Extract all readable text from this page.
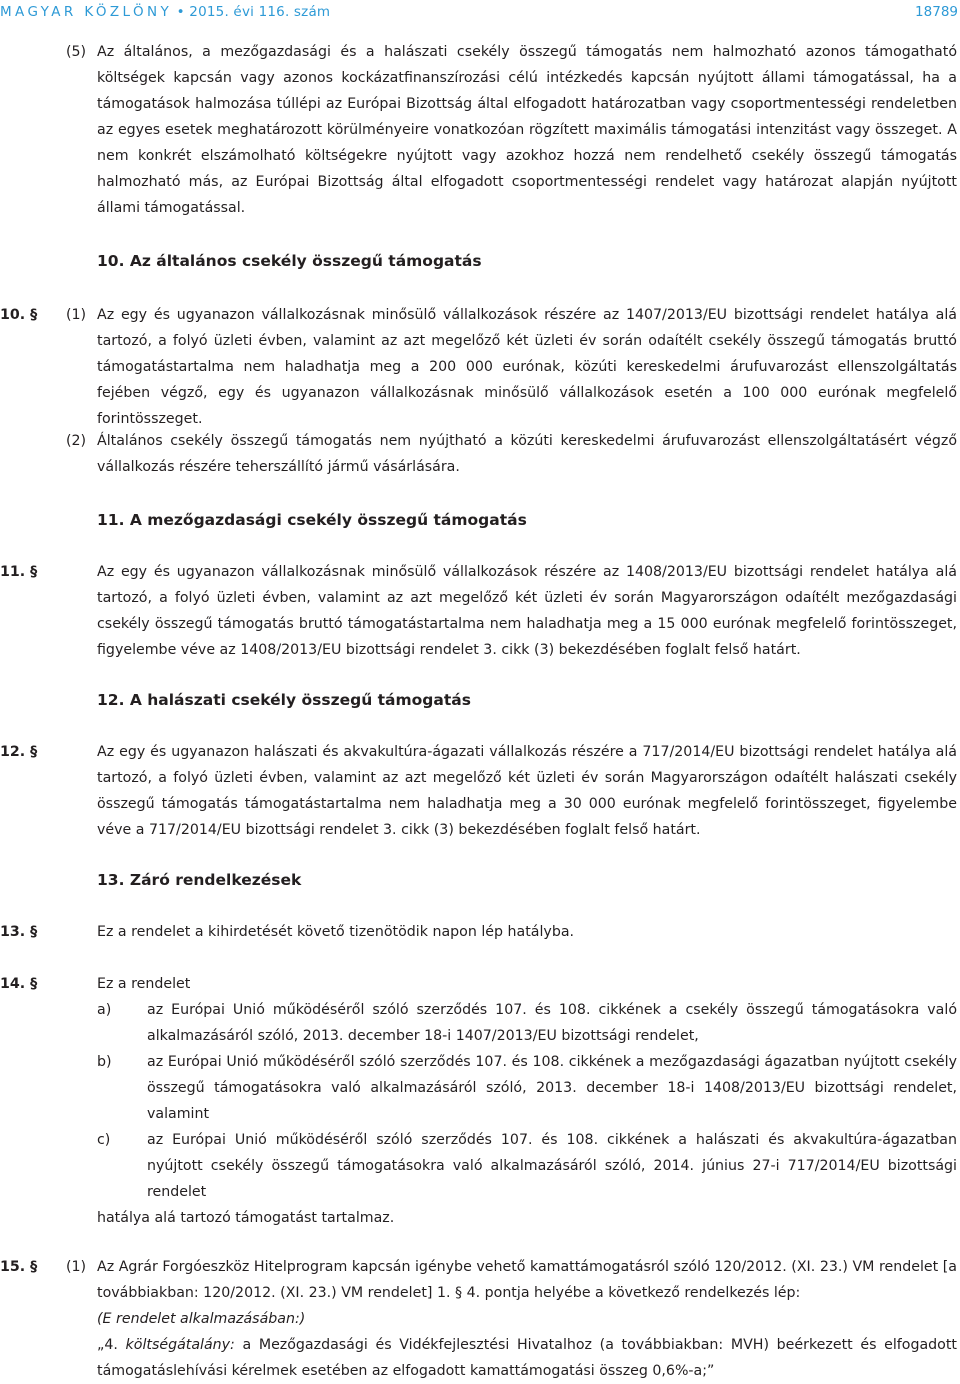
MAGYAR KÖZLÖNY • 2015. évi 116. szám	18789
(5) Az általános, a mezőgazdasági és a halászati csekély összegű támogatás nem halmozható azonos támogatható költségek kapcsán vagy azonos kockázatfinanszírozási célú intézkedés kapcsán nyújtott állami támogatással, ha a támogatások halmozása túllépi az Európai Bizottság által elfogadott határozatban vagy csoportmentességi rendeletben az egyes esetek meghatározott körülményeire vonatkozóan rögzített maximális támogatási intenzitást vagy összeget. A nem konkrét elszámolható költségekre nyújtott vagy azokhoz hozzá nem rendelhető csekély összegű támogatás halmozható más, az Európai Bizottság által elfogadott csoportmentességi rendelet vagy határozat alapján nyújtott állami támogatással.
10. Az általános csekély összegű támogatás
10. § (1) Az egy és ugyanazon vállalkozásnak minősülő vállalkozások részére az 1407/2013/EU bizottsági rendelet hatálya alá tartozó, a folyó üzleti évben, valamint az azt megelőző két üzleti év során odaítélt csekély összegű támogatás bruttó támogatástartalma nem haladhatja meg a 200 000 eurónak, közúti kereskedelmi árufuvarozást ellenszolgáltatás fejében végző, egy és ugyanazon vállalkozásnak minősülő vállalkozások esetén a 100 000 eurónak megfelelő forintösszeget.
(2) Általános csekély összegű támogatás nem nyújtható a közúti kereskedelmi árufuvarozást ellenszolgáltatásért végző vállalkozás részére teherszállító jármű vásárlására.
11. A mezőgazdasági csekély összegű támogatás
11. §	Az egy és ugyanazon vállalkozásnak minősülő vállalkozások részére az 1408/2013/EU bizottsági rendelet hatálya alá tartozó, a folyó üzleti évben, valamint az azt megelőző két üzleti év során Magyarországon odaítélt mezőgazdasági csekély összegű támogatás bruttó támogatástartalma nem haladhatja meg a 15 000 eurónak megfelelő forintösszeget, figyelembe véve az 1408/2013/EU bizottsági rendelet 3. cikk (3) bekezdésében foglalt felső határt.
12. A halászati csekély összegű támogatás
12. §	Az egy és ugyanazon halászati és akvakultúra-ágazati vállalkozás részére a 717/2014/EU bizottsági rendelet hatálya alá tartozó, a folyó üzleti évben, valamint az azt megelőző két üzleti év során Magyarországon odaítélt halászati csekély összegű támogatás támogatástartalma nem haladhatja meg a 30 000 eurónak megfelelő forintösszeget, figyelembe véve a 717/2014/EU bizottsági rendelet 3. cikk (3) bekezdésében foglalt felső határt.
13. Záró rendelkezések
13. §	Ez a rendelet a kihirdetését követő tizenötödik napon lép hatályba.
14. §	Ez a rendelet
a)	az Európai Unió működéséről szóló szerződés 107. és 108. cikkének a csekély összegű támogatásokra való alkalmazásáról szóló, 2013. december 18-i 1407/2013/EU bizottsági rendelet,
b) az Európai Unió működéséről szóló szerződés 107. és 108. cikkének a mezőgazdasági ágazatban nyújtott csekély összegű támogatásokra való alkalmazásáról szóló, 2013. december 18-i 1408/2013/EU bizottsági rendelet, valamint
c)	az Európai Unió működéséről szóló szerződés 107. és 108. cikkének a halászati és akvakultúra-ágazatban nyújtott csekély összegű támogatásokra való alkalmazásáról szóló, 2014. június 27-i 717/2014/EU bizottsági rendelet
hatálya alá tartozó támogatást tartalmaz.
15. § (1) Az Agrár Forgóeszköz Hitelprogram kapcsán igénybe vehető kamattámogatásról szóló 120/2012. (XI. 23.) VM rendelet [a továbbiakban: 120/2012. (XI. 23.) VM rendelet] 1. § 4. pontja helyébe a következő rendelkezés lép:
(E rendelet alkalmazásában:)
„4. költségátalány: a Mezőgazdasági és Vidékfejlesztési Hivatalhoz (a továbbiakban: MVH) beérkezett és elfogadott támogatáslehívási kérelmek esetében az elfogadott kamattámogatási összeg 0,6%-a;”
